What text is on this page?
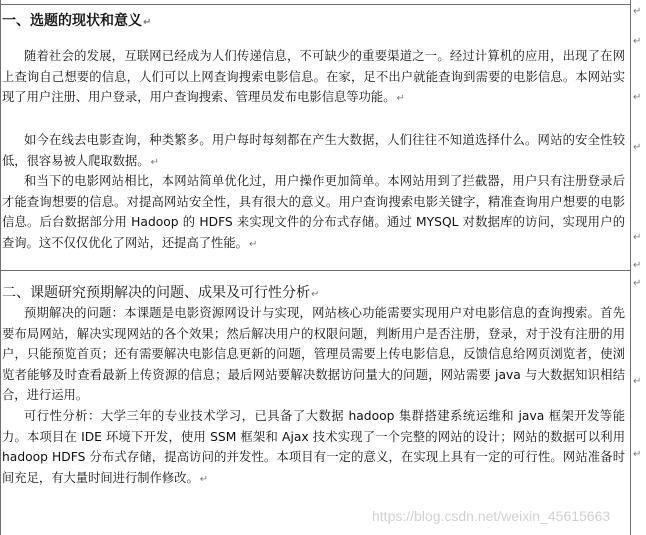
↵
↵
↵
↵
↵
↵
↵
↵
↵
一、选题的现状和意义↵
随着社会的发展，互联网已经成为人们传递信息，不可缺少的重要渠道之一。经过计算机的应用，出现了在网上查询自己想要的信息，人们可以上网查询搜索电影信息。在家，足不出户就能查询到需要的电影信息。本网站实现了用户注册、用户登录，用户查询搜索、管理员发布电影信息等功能。↵
如今在线去电影查询，种类繁多。用户每时每刻都在产生大数据，人们往往不知道选择什么。网站的安全性较低，很容易被人爬取数据。↵
和当下的电影网站相比，本网站简单优化过，用户操作更加简单。本网站用到了拦截器，用户只有注册登录后才能查询想要的信息。对提高网站安全性，具有很大的意义。用户查询搜索电影关键字，精准查询用户想要的电影信息。后台数据部分用 Hadoop 的 HDFS 来实现文件的分布式存储。通过 MYSQL 对数据库的访问，实现用户的查询。这不仅仅优化了网站，还提高了性能。↵
二、课题研究预期解决的问题、成果及可行性分析↵
预期解决的问题：本课题是电影资源网设计与实现，网站核心功能需要实现用户对电影信息的查询搜索。首先要布局网站，解决实现网站的各个效果；然后解决用户的权限问题，判断用户是否注册，登录，对于没有注册的用户，只能预览首页；还有需要解决电影信息更新的问题，管理员需要上传电影信息，反馈信息给网页浏览者，使浏览者能够及时查看最新上传资源的信息；最后网站要解决数据访问量大的问题，网站需要 java 与大数据知识相结合，进行运用。
可行性分析：大学三年的专业技术学习，已具备了大数据 hadoop 集群搭建系统运维和 java 框架开发等能力。本项目在 IDE 环境下开发，使用 SSM 框架和 Ajax 技术实现了一个完整的网站的设计；网站的数据可以利用 hadoop HDFS 分布式存储，提高访问的并发性。本项目有一定的意义，在实现上具有一定的可行性。网站准备时间充足，有大量时间进行制作修改。↵
https://blog.csdn.net/weixin_45615663
